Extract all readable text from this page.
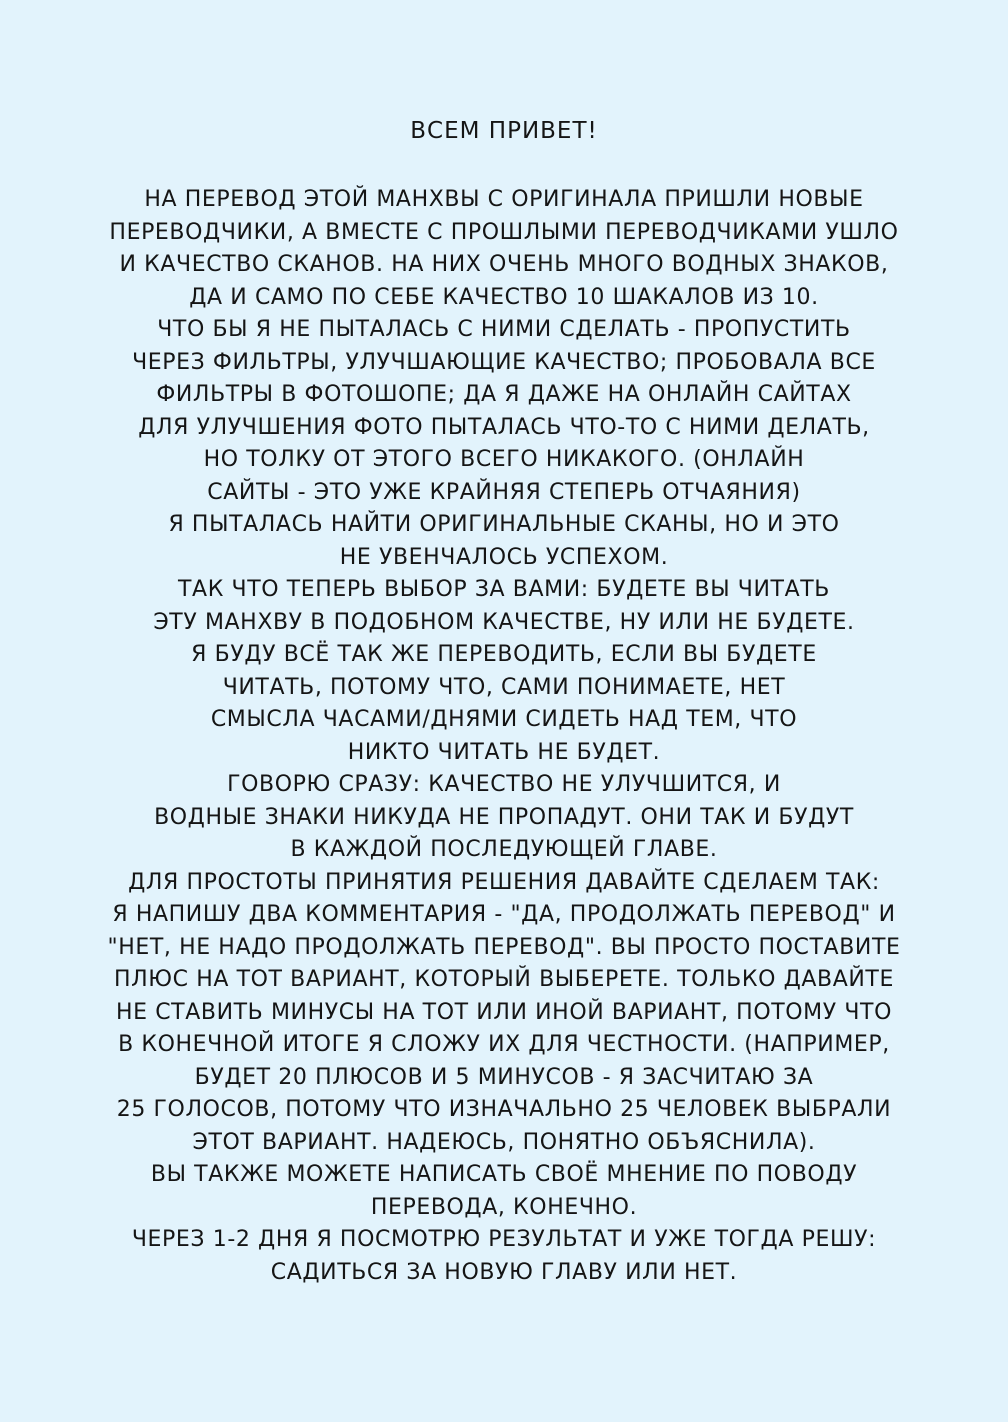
ВСЕМ ПРИВЕТ!
НА ПЕРЕВОД ЭТОЙ МАНХВЫ С ОРИГИНАЛА ПРИШЛИ НОВЫЕ
ПЕРЕВОДЧИКИ, А ВМЕСТЕ С ПРОШЛЫМИ ПЕРЕВОДЧИКАМИ УШЛО
И КАЧЕСТВО СКАНОВ. НА НИХ ОЧЕНЬ МНОГО ВОДНЫХ ЗНАКОВ,
ДА И САМО ПО СЕБЕ КАЧЕСТВО 10 ШАКАЛОВ ИЗ 10.
ЧТО БЫ Я НЕ ПЫТАЛАСЬ С НИМИ СДЕЛАТЬ - ПРОПУСТИТЬ
ЧЕРЕЗ ФИЛЬТРЫ, УЛУЧШАЮЩИЕ КАЧЕСТВО; ПРОБОВАЛА ВСЕ
ФИЛЬТРЫ В ФОТОШОПЕ; ДА Я ДАЖЕ НА ОНЛАЙН САЙТАХ
ДЛЯ УЛУЧШЕНИЯ ФОТО ПЫТАЛАСЬ ЧТО-ТО С НИМИ ДЕЛАТЬ,
НО ТОЛКУ ОТ ЭТОГО ВСЕГО НИКАКОГО. (ОНЛАЙН
САЙТЫ - ЭТО УЖЕ КРАЙНЯЯ СТЕПЕРЬ ОТЧАЯНИЯ)
Я ПЫТАЛАСЬ НАЙТИ ОРИГИНАЛЬНЫЕ СКАНЫ, НО И ЭТО
НЕ УВЕНЧАЛОСЬ УСПЕХОМ.
ТАК ЧТО ТЕПЕРЬ ВЫБОР ЗА ВАМИ: БУДЕТЕ ВЫ ЧИТАТЬ
ЭТУ МАНХВУ В ПОДОБНОМ КАЧЕСТВЕ, НУ ИЛИ НЕ БУДЕТЕ.
Я БУДУ ВСЁ ТАК ЖЕ ПЕРЕВОДИТЬ, ЕСЛИ ВЫ БУДЕТЕ
ЧИТАТЬ, ПОТОМУ ЧТО, САМИ ПОНИМАЕТЕ, НЕТ
СМЫСЛА ЧАСАМИ/ДНЯМИ СИДЕТЬ НАД ТЕМ, ЧТО
НИКТО ЧИТАТЬ НЕ БУДЕТ.
ГОВОРЮ СРАЗУ: КАЧЕСТВО НЕ УЛУЧШИТСЯ, И
ВОДНЫЕ ЗНАКИ НИКУДА НЕ ПРОПАДУТ. ОНИ ТАК И БУДУТ
В КАЖДОЙ ПОСЛЕДУЮЩЕЙ ГЛАВЕ.
ДЛЯ ПРОСТОТЫ ПРИНЯТИЯ РЕШЕНИЯ ДАВАЙТЕ СДЕЛАЕМ ТАК:
Я НАПИШУ ДВА КОММЕНТАРИЯ - "ДА, ПРОДОЛЖАТЬ ПЕРЕВОД" И
"НЕТ, НЕ НАДО ПРОДОЛЖАТЬ ПЕРЕВОД". ВЫ ПРОСТО ПОСТАВИТЕ
ПЛЮС НА ТОТ ВАРИАНТ, КОТОРЫЙ ВЫБЕРЕТЕ. ТОЛЬКО ДАВАЙТЕ
НЕ СТАВИТЬ МИНУСЫ НА ТОТ ИЛИ ИНОЙ ВАРИАНТ, ПОТОМУ ЧТО
В КОНЕЧНОЙ ИТОГЕ Я СЛОЖУ ИХ ДЛЯ ЧЕСТНОСТИ. (НАПРИМЕР,
БУДЕТ 20 ПЛЮСОВ И 5 МИНУСОВ - Я ЗАСЧИТАЮ ЗА
25 ГОЛОСОВ, ПОТОМУ ЧТО ИЗНАЧАЛЬНО 25 ЧЕЛОВЕК ВЫБРАЛИ
ЭТОТ ВАРИАНТ. НАДЕЮСЬ, ПОНЯТНО ОБЪЯСНИЛА).
ВЫ ТАКЖЕ МОЖЕТЕ НАПИСАТЬ СВОЁ МНЕНИЕ ПО ПОВОДУ
ПЕРЕВОДА, КОНЕЧНО.
ЧЕРЕЗ 1-2 ДНЯ Я ПОСМОТРЮ РЕЗУЛЬТАТ И УЖЕ ТОГДА РЕШУ:
САДИТЬСЯ ЗА НОВУЮ ГЛАВУ ИЛИ НЕТ.
